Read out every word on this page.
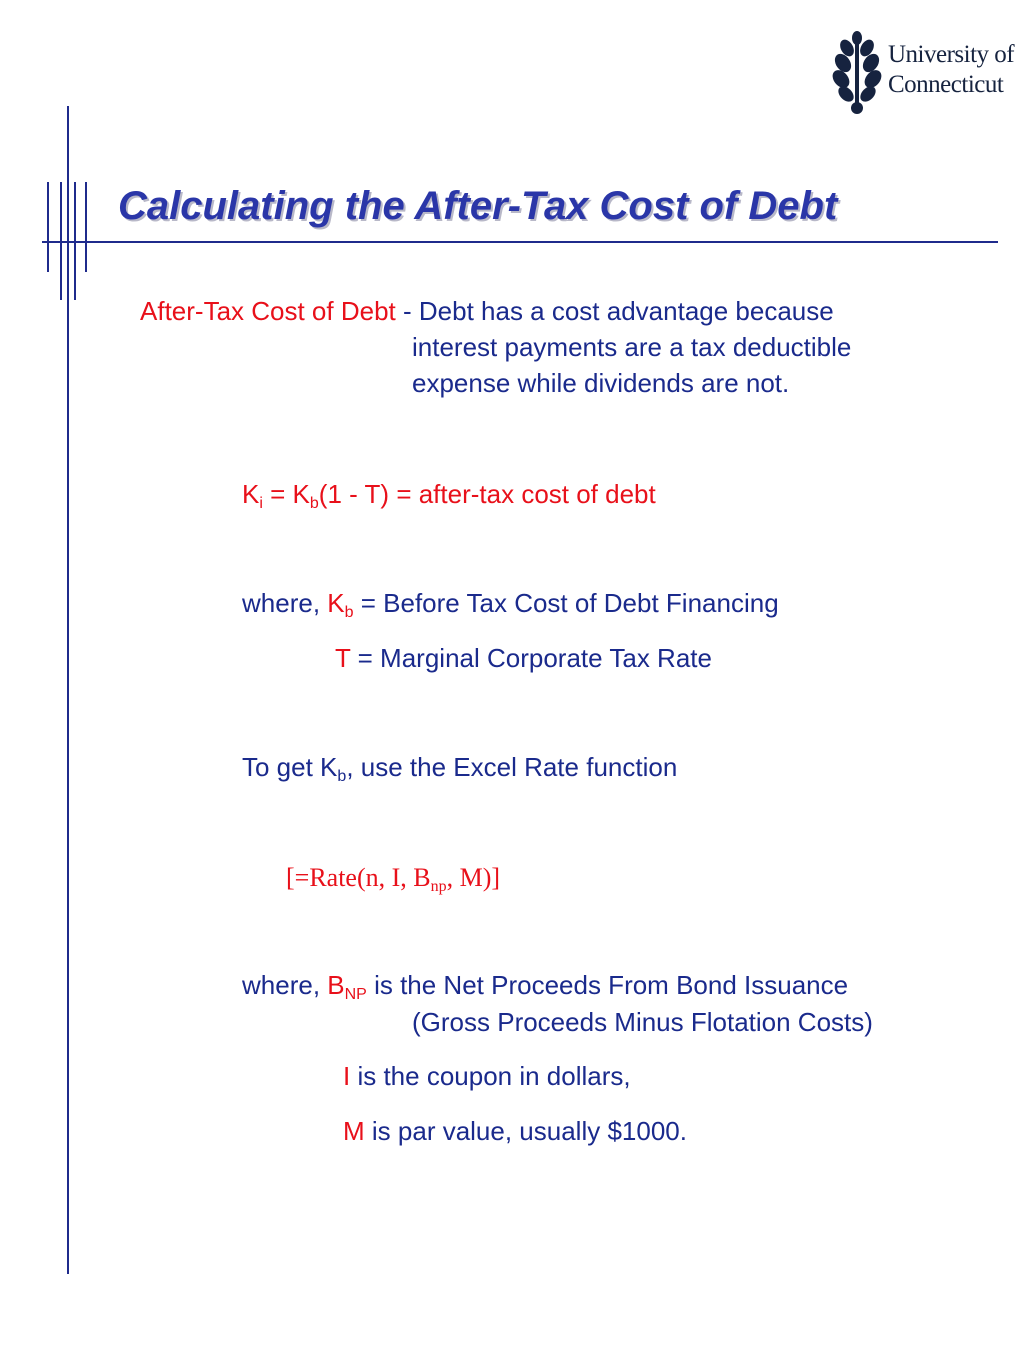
University of
Connecticut
Calculating the After-Tax Cost of Debt
After-Tax Cost of Debt - Debt has a cost advantage because
interest payments are a tax deductible
expense while dividends are not.
$K_i = K_b(1 - T)$ = after-tax cost of debt
where, $K_b$ = Before Tax Cost of Debt Financing
T = Marginal Corporate Tax Rate
To get $K_b$, use the Excel Rate function
[=Rate(n, I, $B_{np}$, M)]
where, $B_{NP}$ is the Net Proceeds From Bond Issuance
(Gross Proceeds Minus Flotation Costs)
I is the coupon in dollars,
M is par value, usually $1000.
